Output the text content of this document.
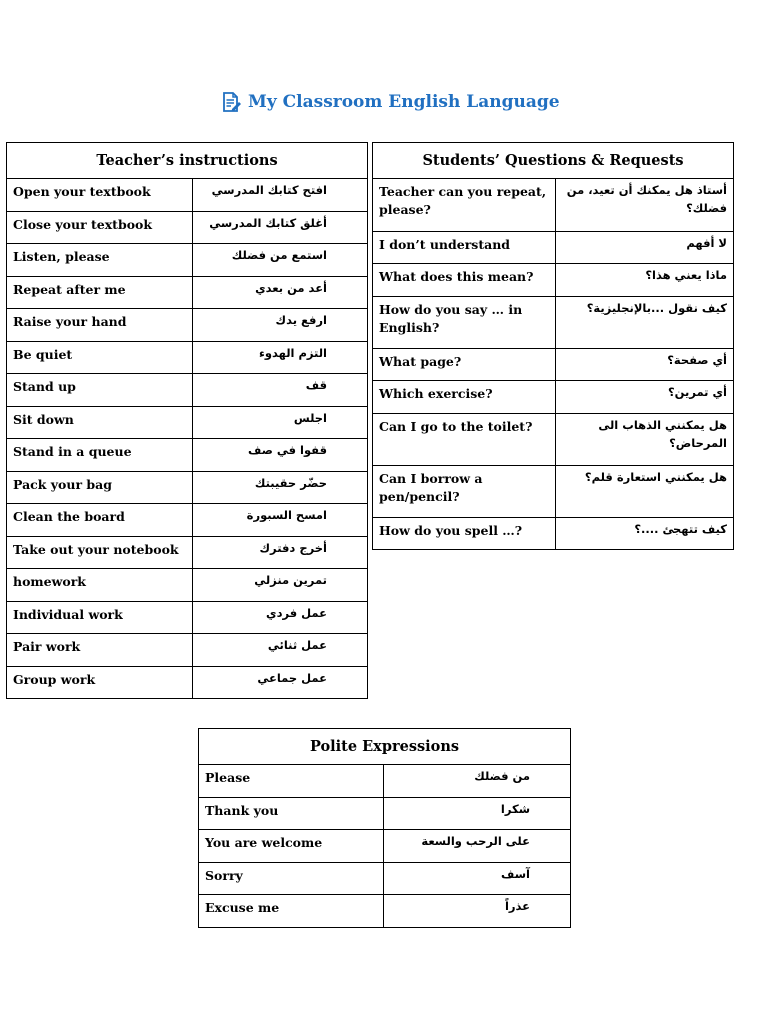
My Classroom English Language
Teacher’s instructions	
Open your textbook	افتح كتابك المدرسي
Close your textbook	أغلق كتابك المدرسي
Listen, please	استمع من فضلك
Repeat after me	أعد من بعدي
Raise your hand	ارفع يدك
Be quiet	التزم الهدوء
Stand up	قف
Sit down	اجلس
Stand in a queue	قفوا في صف
Pack your bag	حضّر حقيبتك
Clean the board	امسح السبورة
Take out your notebook	أخرج دفترك
homework	تمرين منزلي
Individual work	عمل فردي
Pair work	عمل ثنائي
Group work	عمل جماعي
Students’ Questions & Requests	
Teacher can you repeat, please?	أستاذ هل يمكنك أن تعيد، من فضلك؟
I don’t understand	لا أفهم
What does this mean?	ماذا يعني هذا؟
How do you say … in English?	كيف نقول ...بالإنجليزية؟
What page?	أي صفحة؟
Which exercise?	أي تمرين؟
Can I go to the toilet?	هل يمكنني الذهاب الى المرحاض؟
Can I borrow a pen/pencil?	هل يمكنني استعارة قلم؟
How do you spell …?	كيف تتهجئ ....؟
Polite Expressions	
Please	من فضلك
Thank you	شكرا
You are welcome	على الرحب والسعة
Sorry	آسف
Excuse me	عذراً
